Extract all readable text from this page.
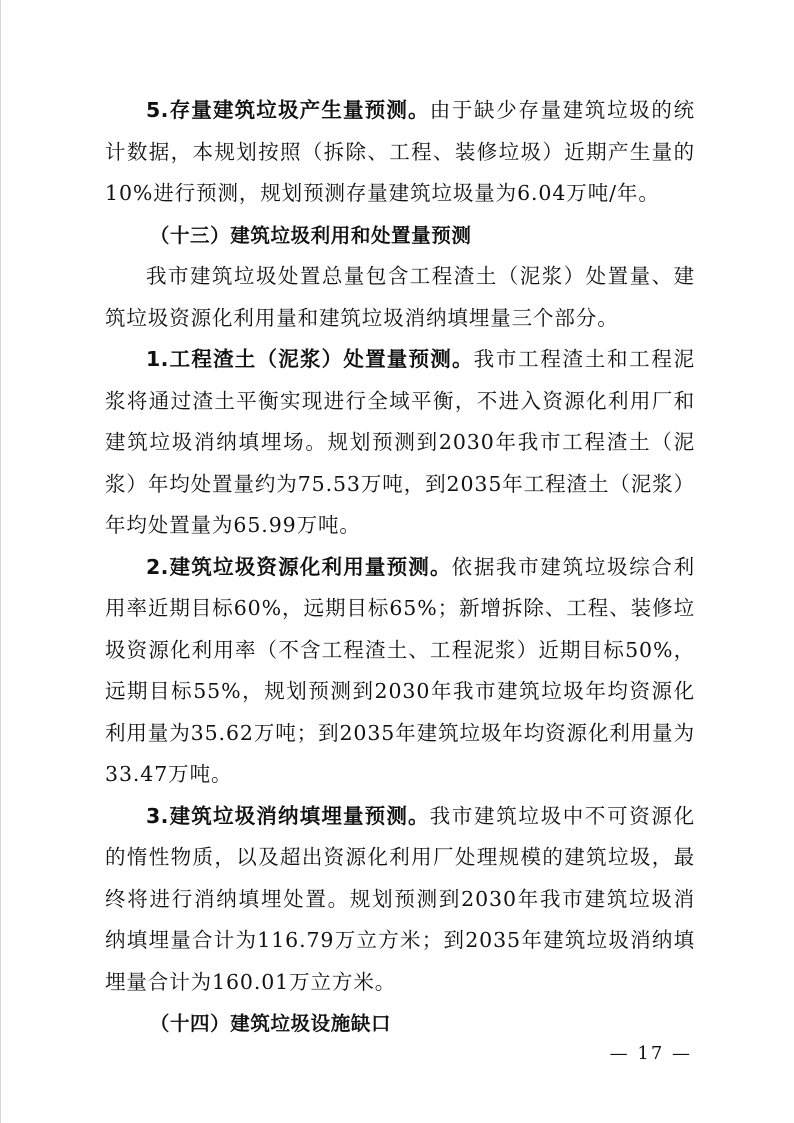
5.存量建筑垃圾产生量预测。由于缺少存量建筑垃圾的统计数据，本规划按照（拆除、工程、装修垃圾）近期产生量的10%进行预测，规划预测存量建筑垃圾量为6.04万吨/年。

（十三）建筑垃圾利用和处置量预测

我市建筑垃圾处置总量包含工程渣土（泥浆）处置量、建筑垃圾资源化利用量和建筑垃圾消纳填埋量三个部分。

1.工程渣土（泥浆）处置量预测。我市工程渣土和工程泥浆将通过渣土平衡实现进行全域平衡，不进入资源化利用厂和建筑垃圾消纳填埋场。规划预测到2030年我市工程渣土（泥浆）年均处置量约为75.53万吨，到2035年工程渣土（泥浆）年均处置量为65.99万吨。

2.建筑垃圾资源化利用量预测。依据我市建筑垃圾综合利用率近期目标60%，远期目标65%；新增拆除、工程、装修垃圾资源化利用率（不含工程渣土、工程泥浆）近期目标50%，远期目标55%，规划预测到2030年我市建筑垃圾年均资源化利用量为35.62万吨；到2035年建筑垃圾年均资源化利用量为33.47万吨。

3.建筑垃圾消纳填埋量预测。我市建筑垃圾中不可资源化的惰性物质，以及超出资源化利用厂处理规模的建筑垃圾，最终将进行消纳填埋处置。规划预测到2030年我市建筑垃圾消纳填埋量合计为116.79万立方米；到2035年建筑垃圾消纳填埋量合计为160.01万立方米。

（十四）建筑垃圾设施缺口

— 17 —
